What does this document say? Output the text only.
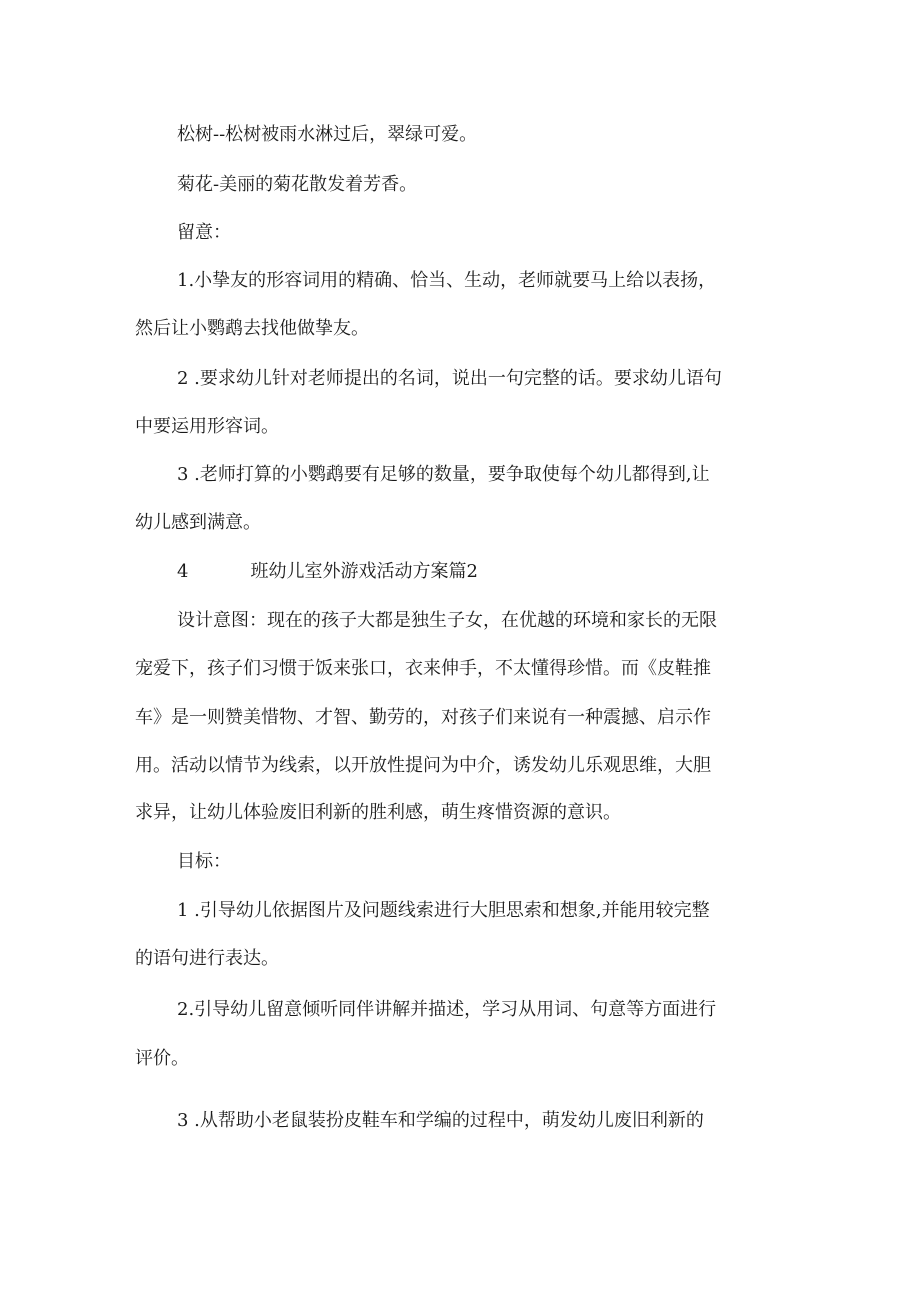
松树--松树被雨水淋过后，翠绿可爱。
菊花-美丽的菊花散发着芳香。
留意：
1.小挚友的形容词用的精确、恰当、生动，老师就要马上给以表扬，
然后让小鹦鹉去找他做挚友。
2 .要求幼儿针对老师提出的名词，说出一句完整的话。要求幼儿语句
中要运用形容词。
3 .老师打算的小鹦鹉要有足够的数量，要争取使每个幼儿都得到,让
幼儿感到满意。
4	班幼儿室外游戏活动方案篇2
设计意图：现在的孩子大都是独生子女，在优越的环境和家长的无限
宠爱下，孩子们习惯于饭来张口，衣来伸手，不太懂得珍惜。而《皮鞋推
车》是一则赞美惜物、才智、勤劳的，对孩子们来说有一种震撼、启示作
用。活动以情节为线索，以开放性提问为中介，诱发幼儿乐观思维，大胆
求异，让幼儿体验废旧利新的胜利感，萌生疼惜资源的意识。
目标：
1 .引导幼儿依据图片及问题线索进行大胆思索和想象,并能用较完整
的语句进行表达。
2.引导幼儿留意倾听同伴讲解并描述，学习从用词、句意等方面进行
评价。
3 .从帮助小老鼠装扮皮鞋车和学编的过程中，萌发幼儿废旧利新的
